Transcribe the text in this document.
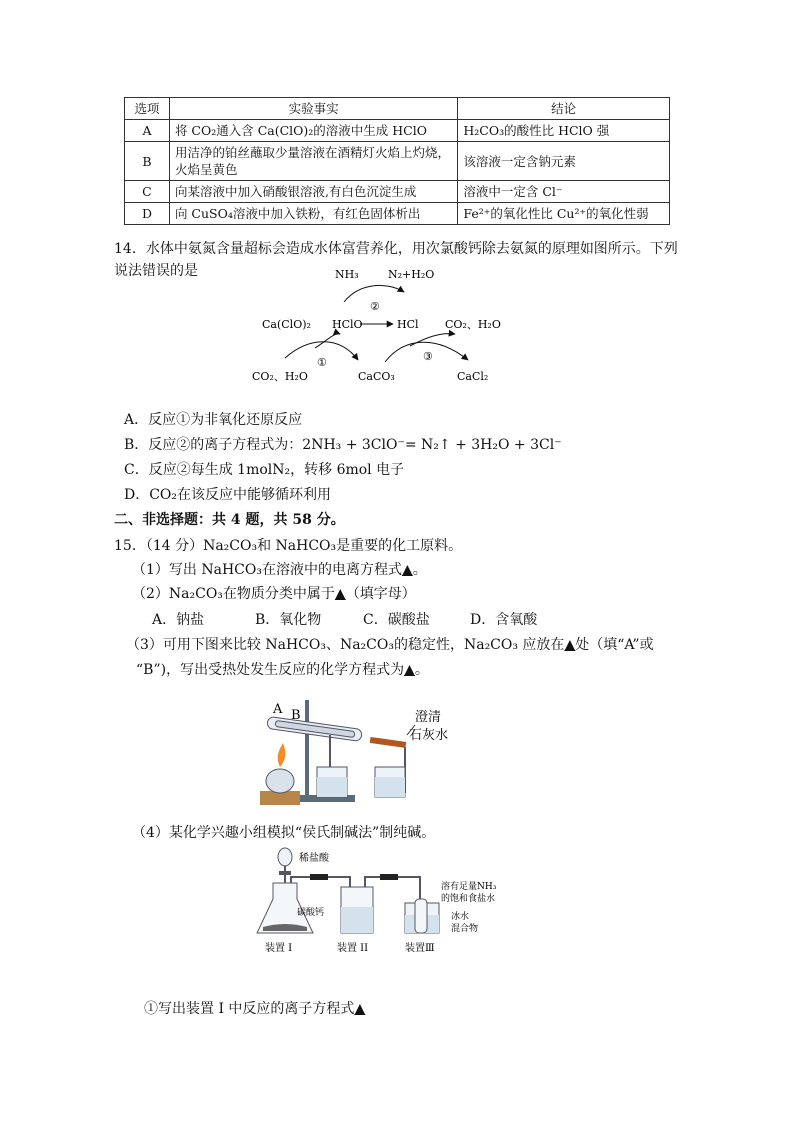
选项	实验事实	结论
A	将 CO₂通入含 Ca(ClO)₂的溶液中生成 HClO	H₂CO₃的酸性比 HClO 强
B	用洁净的铂丝蘸取少量溶液在酒精灯火焰上灼烧，火焰呈黄色	该溶液一定含钠元素
C	向某溶液中加入硝酸银溶液,有白色沉淀生成	溶液中一定含 Cl⁻
D	向 CuSO₄溶液中加入铁粉，有红色固体析出	Fe²⁺的氧化性比 Cu²⁺的氧化性弱
14．水体中氨氮含量超标会造成水体富营养化，用次氯酸钙除去氨氮的原理如图所示。下列
说法错误的是	NH₃	N₂+H₂O
②
Ca(ClO)₂ HClO	HCl CO₂、H₂O
①	③
CO₂、H₂O	CaCO₃	CaCl₂
A．反应①为非氧化还原反应
B．反应②的离子方程式为：2NH₃ + 3ClO⁻= N₂↑ + 3H₂O + 3Cl⁻
C．反应②每生成 1molN₂，转移 6mol 电子
D．CO₂在该反应中能够循环利用
二、非选择题：共 4 题，共 58 分。
15．（14 分）Na₂CO₃和 NaHCO₃是重要的化工原料。
（1）写出 NaHCO₃在溶液中的电离方程式▲。
（2）Na₂CO₃在物质分类中属于▲（填字母）
A．钠盐	B．氧化物	C．碳酸盐	D．含氧酸
（3）可用下图来比较 NaHCO₃、Na₂CO₃的稳定性，Na₂CO₃ 应放在▲处（填“A”或
“B”)，写出受热处发生反应的化学方程式为▲。
A B	澄清
石灰水
（4）某化学兴趣小组模拟“侯氏制碱法”制纯碱。
稀盐酸
碳酸钙
溶有足量NH₃
的饱和食盐水
冰水
混合物
装置 I	装置 II	装置Ⅲ
①写出装置 I 中反应的离子方程式▲
